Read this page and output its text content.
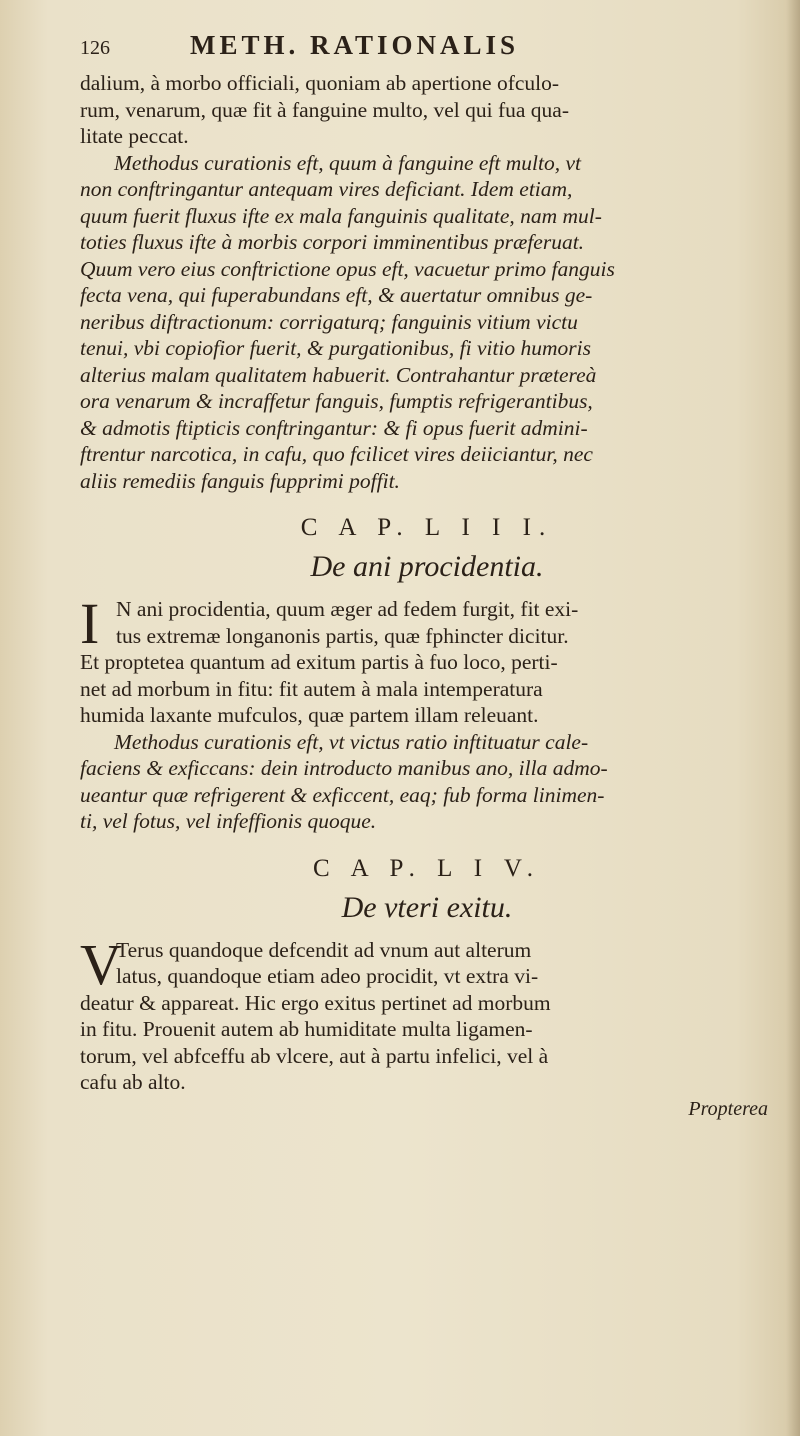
126	METH. RATIONALIS

dalium, à morbo officiali, quoniam ab apertione ofculo-
rum, venarum, quæ fit à fanguine multo, vel qui fua qua-
litate peccat.

Methodus curationis eft, quum à fanguine eft multo, vt
non conftringantur antequam vires deficiant. Idem etiam,
quum fuerit fluxus ifte ex mala fanguinis qualitate, nam mul-
toties fluxus ifte à morbis corpori imminentibus præferuat.
Quum vero eius conftrictione opus eft, vacuetur primo fanguis
fecta vena, qui fuperabundans eft, & auertatur omnibus ge-
neribus diftractionum: corrigaturq; fanguinis vitium victu
tenui, vbi copiofior fuerit, & purgationibus, fi vitio humoris
alterius malam qualitatem habuerit. Contrahantur prætereà
ora venarum & incraffetur fanguis, fumptis refrigerantibus,
& admotis ftipticis conftringantur: & fi opus fuerit admini-
ftrentur narcotica, in cafu, quo fcilicet vires deiiciantur, nec
aliis remediis fanguis fupprimi poffit.

C A P. L I I I.
De ani procidentia.
I N ani procidentia, quum æger ad fedem furgit, fit exi-
tus extremæ longanonis partis, quæ fphincter dicitur.
Et proptetea quantum ad exitum partis à fuo loco, perti-
net ad morbum in fitu: fit autem à mala intemperatura
humida laxante mufculos, quæ partem illam releuant.

Methodus curationis eft, vt victus ratio inftituatur cale-
faciens & exficcans: dein introducto manibus ano, illa admo-
ueantur quæ refrigerent & exficcent, eaq; fub forma linimen-
ti, vel fotus, vel infeffionis quoque.

C A P. L I V.
De vteri exitu.
V
Terus quandoque defcendit ad vnum aut alterum
latus, quandoque etiam adeo procidit, vt extra vi-
deatur & appareat. Hic ergo exitus pertinet ad morbum
in fitu. Prouenit autem ab humiditate multa ligamen-
torum, vel abfceffu ab vlcere, aut à partu infelici, vel à
cafu ab alto.
Propterea
